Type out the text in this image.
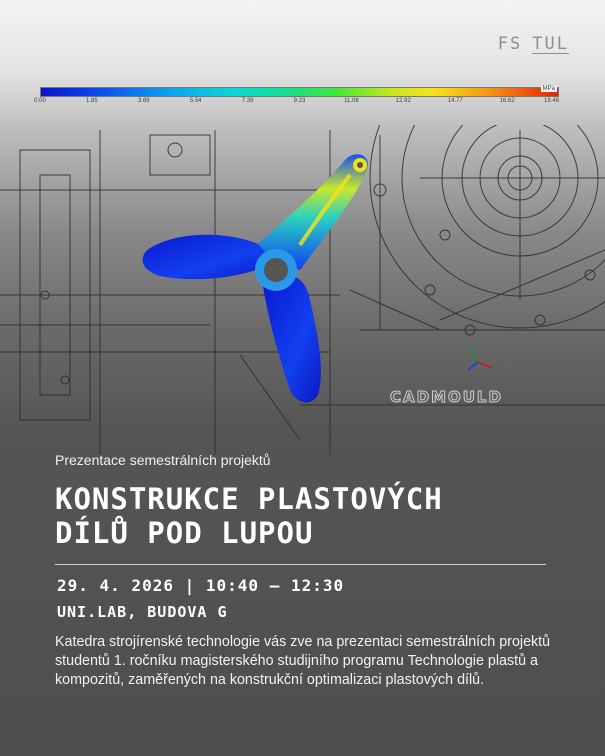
FS TUL
MPa
0.00	1.85	3.69	5.54	7.39	9.23	11.08	12.92	14.77	16.62	18.46
CADMOULD
Prezentace semestrálních projektů
KONSTRUKCE PLASTOVÝCH
DÍLŮ POD LUPOU
29. 4. 2026 | 10:40 – 12:30
UNI.LAB, BUDOVA G

Katedra strojírenské technologie vás zve na prezentaci semestrálních projektů studentů 1. ročníku magisterského studijního programu Technologie plastů a kompozitů, zaměřených na konstrukční optimalizaci plastových dílů.
